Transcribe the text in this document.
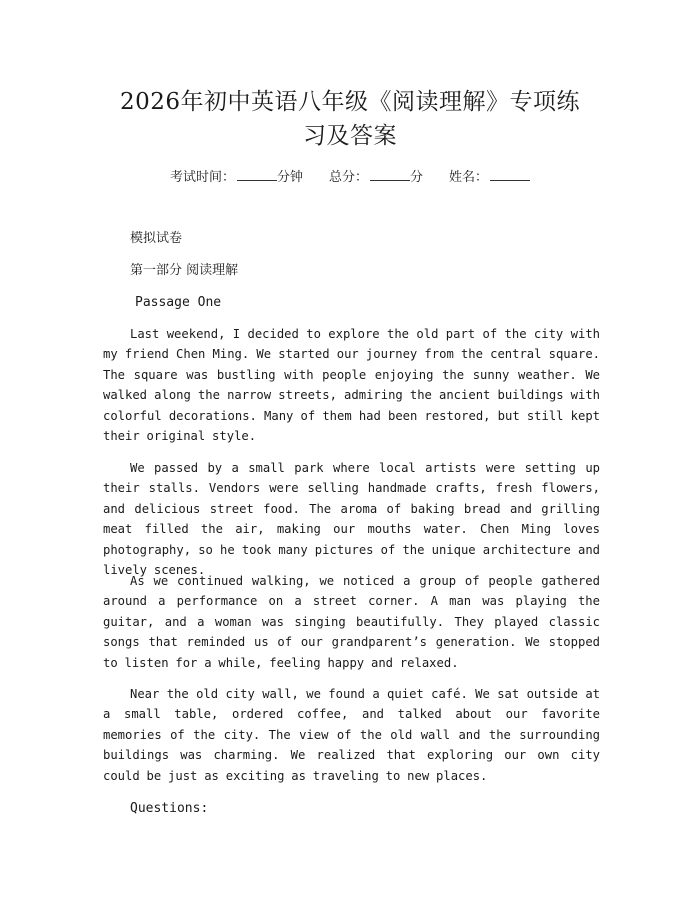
2026年初中英语八年级《阅读理解》专项练
习及答案
考试时间：	分钟 总分：	分 姓名：
模拟试卷
第一部分 阅读理解
Passage One

Last weekend, I decided to explore the old part of the city with my friend Chen Ming. We started our journey from the central square. The square was bustling with people enjoying the sunny weather. We walked along the narrow streets, admiring the ancient buildings with colorful decorations. Many of them had been restored, but still kept their original style.

We passed by a small park where local artists were setting up their stalls. Vendors were selling handmade crafts, fresh flowers, and delicious street food. The aroma of baking bread and grilling meat filled the air, making our mouths water. Chen Ming loves photography, so he took many pictures of the unique architecture and lively scenes.

As we continued walking, we noticed a group of people gathered around a performance on a street corner. A man was playing the guitar, and a woman was singing beautifully. They played classic songs that reminded us of our grandparent’s generation. We stopped to listen for a while, feeling happy and relaxed.

Near the old city wall, we found a quiet café. We sat outside at a small table, ordered coffee, and talked about our favorite memories of the city. The view of the old wall and the surrounding buildings was charming. We realized that exploring our own city could be just as exciting as traveling to new places.

Questions:
